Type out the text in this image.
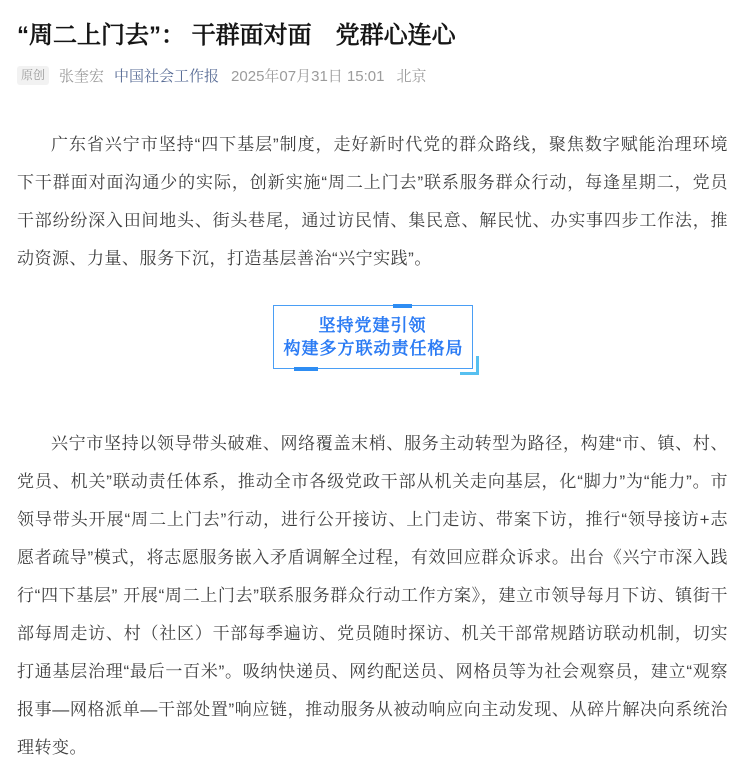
“周二上门去”： 干群面对面　党群心连心
原创 张奎宏 中国社会工作报 2025年07月31日 15:01 北京

广东省兴宁市坚持“四下基层”制度，走好新时代党的群众路线，聚焦数字赋能治理环境下干群面对面沟通少的实际，创新实施“周二上门去”联系服务群众行动，每逢星期二，党员干部纷纷深入田间地头、街头巷尾，通过访民情、集民意、解民忧、办实事四步工作法，推动资源、力量、服务下沉，打造基层善治“兴宁实践”。

坚持党建引领
构建多方联动责任格局

兴宁市坚持以领导带头破难、网络覆盖末梢、服务主动转型为路径，构建“市、镇、村、党员、机关”联动责任体系，推动全市各级党政干部从机关走向基层，化“脚力”为“能力”。市领导带头开展“周二上门去”行动，进行公开接访、上门走访、带案下访，推行“领导接访+志愿者疏导”模式，将志愿服务嵌入矛盾调解全过程，有效回应群众诉求。出台《兴宁市深入践行“四下基层” 开展“周二上门去”联系服务群众行动工作方案》，建立市领导每月下访、镇街干部每周走访、村（社区）干部每季遍访、党员随时探访、机关干部常规踏访联动机制，切实打通基层治理“最后一百米”。吸纳快递员、网约配送员、网格员等为社会观察员，建立“观察报事—网格派单—干部处置”响应链，推动服务从被动响应向主动发现、从碎片解决向系统治理转变。
